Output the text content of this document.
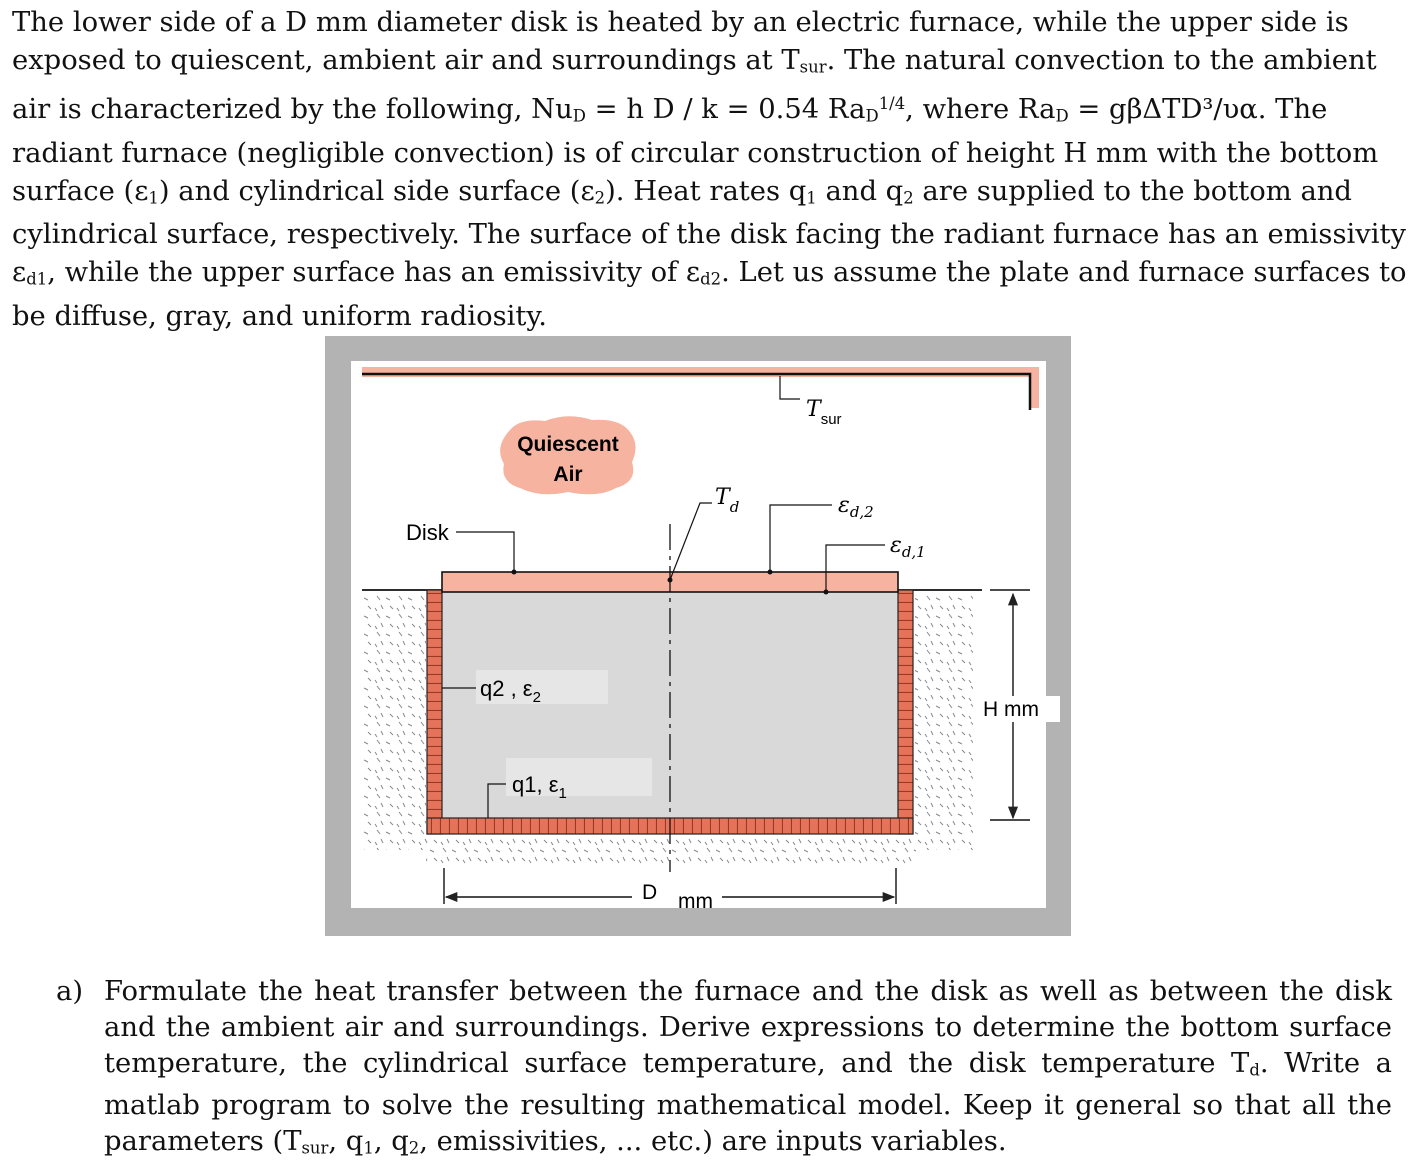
The lower side of a D mm diameter disk is heated by an electric furnace, while the upper side is exposed to quiescent, ambient air and surroundings at $T_{sur}$. The natural convection to the ambient air is characterized by the following, $Nu_D = h$ D / k = 0.54 $Ra_D^{1/4}$, where $Ra_D = g\beta\Delta TD^3/\upsilon\alpha$. The radiant furnace (negligible convection) is of circular construction of height H mm with the bottom surface $(\varepsilon_1)$ and cylindrical side surface $(\varepsilon_2)$. Heat rates $q_1$ and $q_2$ are supplied to the bottom and cylindrical surface, respectively. The surface of the disk facing the radiant furnace has an emissivity $\varepsilon_{d1}$, while the upper surface has an emissivity of $\varepsilon_{d2}$. Let us assume the plate and furnace surfaces to be diffuse, gray, and uniform radiosity.

$T_{sur}$
Quiescent
Air
$T_d$	$\varepsilon_{d,2}$
$\varepsilon_{d,1}$
Disk
q2 , $\varepsilon_2$
q1, $\varepsilon_1$
H mm
D mm
a) Formulate the heat transfer between the furnace and the disk as well as between the disk and the ambient air and surroundings. Derive expressions to determine the bottom surface temperature, the cylindrical surface temperature, and the disk temperature $T_d$. Write a matlab program to solve the resulting mathematical model. Keep it general so that all the parameters ($T_{sur}$, $q_1$, $q_2$, emissivities, ... etc.) are inputs variables.
